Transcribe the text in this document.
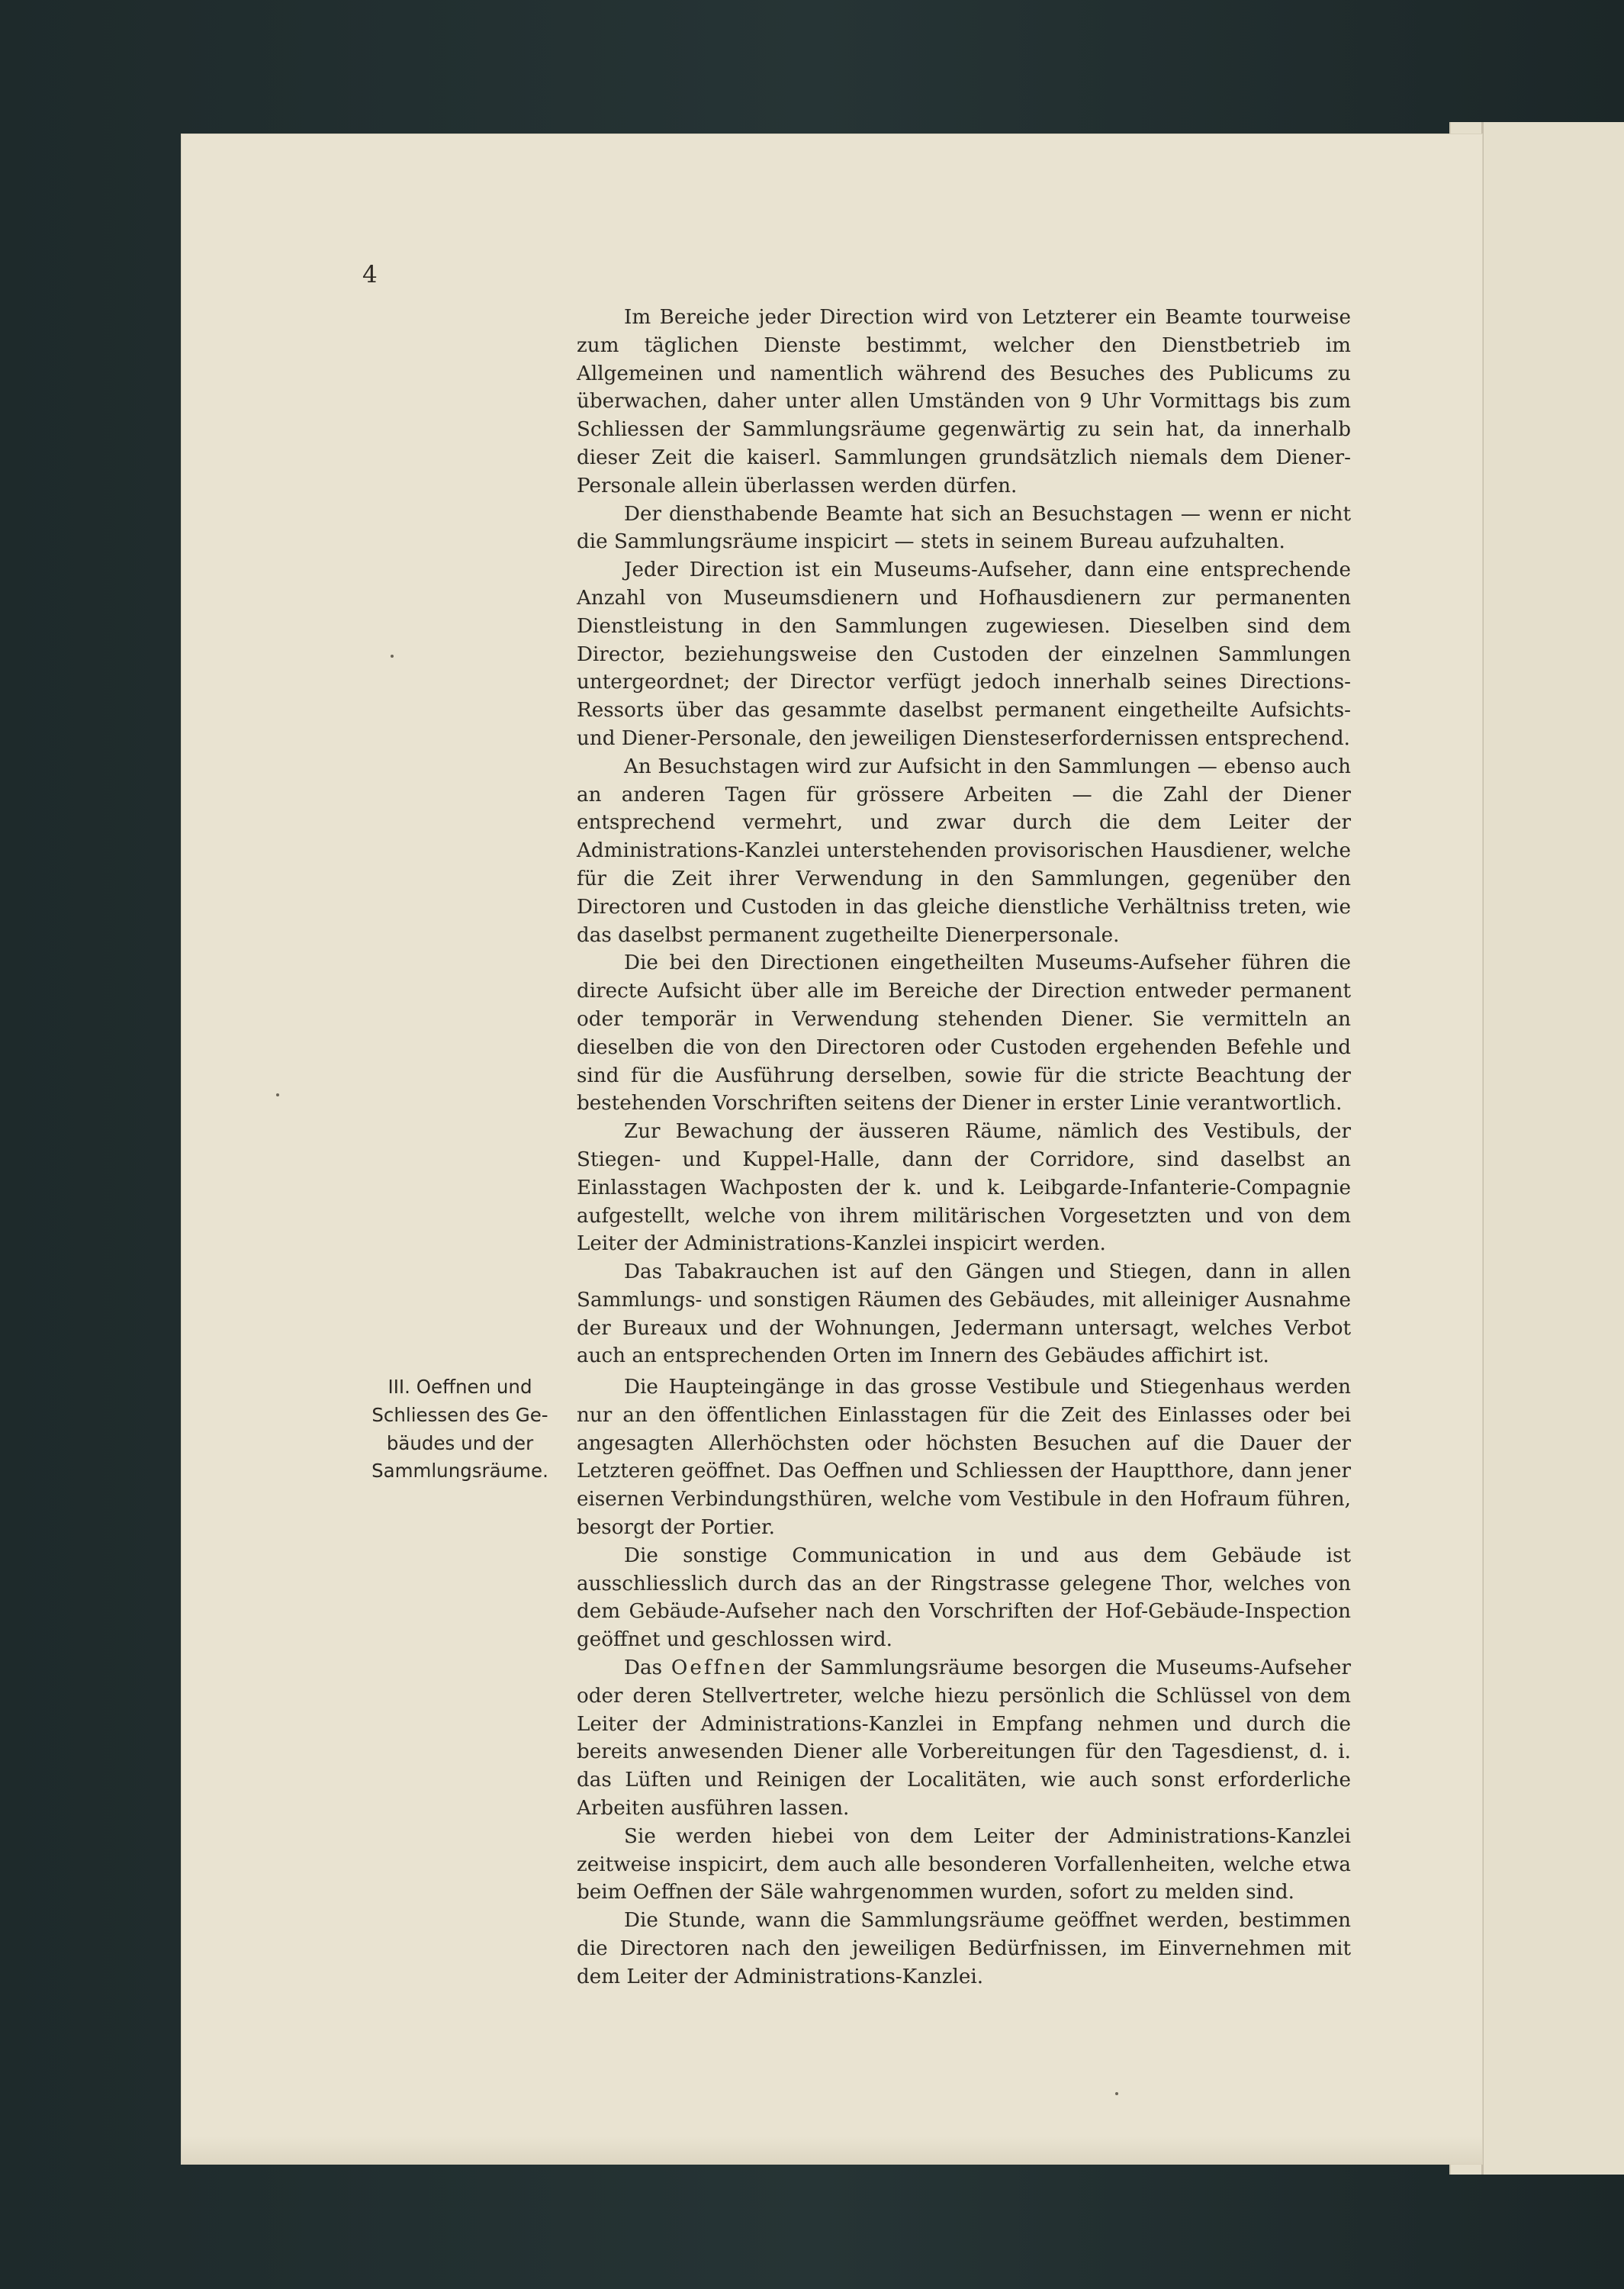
4

Im Bereiche jeder Direction wird von Letzterer ein Beamte tourweise zum täglichen Dienste bestimmt, welcher den Dienstbetrieb im Allgemeinen und namentlich während des Besuches des Publicums zu überwachen, daher unter allen Umständen von 9 Uhr Vormittags bis zum Schliessen der Sammlungsräume gegenwärtig zu sein hat, da innerhalb dieser Zeit die kaiserl. Sammlungen grundsätzlich niemals dem Diener-Personale allein überlassen werden dürfen.

Der diensthabende Beamte hat sich an Besuchstagen — wenn er nicht die Sammlungsräume inspicirt — stets in seinem Bureau aufzuhalten.

Jeder Direction ist ein Museums-Aufseher, dann eine entsprechende Anzahl von Museumsdienern und Hofhausdienern zur permanenten Dienstleistung in den Sammlungen zugewiesen. Dieselben sind dem Director, beziehungsweise den Custoden der einzelnen Sammlungen untergeordnet; der Director verfügt jedoch innerhalb seines Directions-Ressorts über das gesammte daselbst permanent eingetheilte Aufsichts- und Diener-Personale, den jeweiligen Diensteserfordernissen entsprechend.

An Besuchstagen wird zur Aufsicht in den Sammlungen — ebenso auch an anderen Tagen für grössere Arbeiten — die Zahl der Diener entsprechend vermehrt, und zwar durch die dem Leiter der Administrations-Kanzlei unterstehenden provisorischen Hausdiener, welche für die Zeit ihrer Verwendung in den Sammlungen, gegenüber den Directoren und Custoden in das gleiche dienstliche Verhältniss treten, wie das daselbst permanent zugetheilte Dienerpersonale.

Die bei den Directionen eingetheilten Museums-Aufseher führen die directe Aufsicht über alle im Bereiche der Direction entweder permanent oder temporär in Verwendung stehenden Diener. Sie vermitteln an dieselben die von den Directoren oder Custoden ergehenden Befehle und sind für die Ausführung derselben, sowie für die stricte Beachtung der bestehenden Vorschriften seitens der Diener in erster Linie verantwortlich.

Zur Bewachung der äusseren Räume, nämlich des Vestibuls, der Stiegen- und Kuppel-Halle, dann der Corridore, sind daselbst an Einlasstagen Wachposten der k. und k. Leibgarde-Infanterie-Compagnie aufgestellt, welche von ihrem militärischen Vorgesetzten und von dem Leiter der Administrations-Kanzlei inspicirt werden.

Das Tabakrauchen ist auf den Gängen und Stiegen, dann in allen Sammlungs- und sonstigen Räumen des Gebäudes, mit alleiniger Ausnahme der Bureaux und der Wohnungen, Jedermann untersagt, welches Verbot auch an entsprechenden Orten im Innern des Gebäudes affichirt ist.

III. Oeffnen und
Schliessen des Ge-
bäudes und der
Sammlungsräume.

Die Haupteingänge in das grosse Vestibule und Stiegenhaus werden nur an den öffentlichen Einlasstagen für die Zeit des Einlasses oder bei angesagten Allerhöchsten oder höchsten Besuchen auf die Dauer der Letzteren geöffnet. Das Oeffnen und Schliessen der Hauptthore, dann jener eisernen Verbindungsthüren, welche vom Vestibule in den Hofraum führen, besorgt der Portier.

Die sonstige Communication in und aus dem Gebäude ist ausschliesslich durch das an der Ringstrasse gelegene Thor, welches von dem Gebäude-Aufseher nach den Vorschriften der Hof-Gebäude-Inspection geöffnet und geschlossen wird.

Das Oeffnen der Sammlungsräume besorgen die Museums-Aufseher oder deren Stellvertreter, welche hiezu persönlich die Schlüssel von dem Leiter der Administrations-Kanzlei in Empfang nehmen und durch die bereits anwesenden Diener alle Vorbereitungen für den Tagesdienst, d. i. das Lüften und Reinigen der Localitäten, wie auch sonst erforderliche Arbeiten ausführen lassen.

Sie werden hiebei von dem Leiter der Administrations-Kanzlei zeitweise inspicirt, dem auch alle besonderen Vorfallenheiten, welche etwa beim Oeffnen der Säle wahrgenommen wurden, sofort zu melden sind.

Die Stunde, wann die Sammlungsräume geöffnet werden, bestimmen die Directoren nach den jeweiligen Bedürfnissen, im Einvernehmen mit dem Leiter der Administrations-Kanzlei.
